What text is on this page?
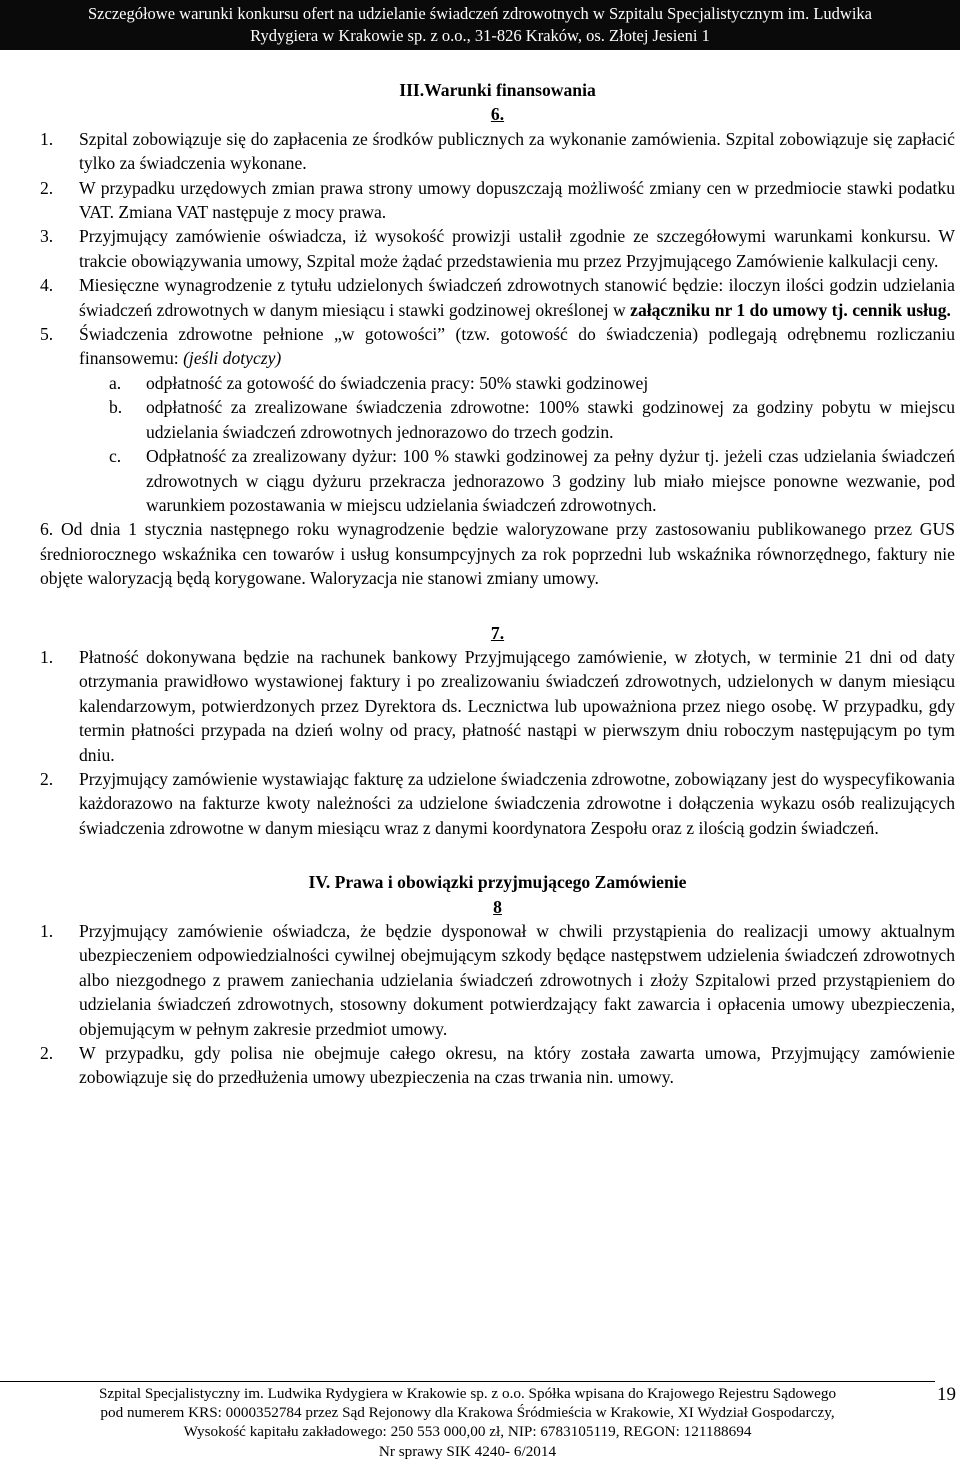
Szczegółowe warunki konkursu ofert na udzielanie świadczeń zdrowotnych w Szpitalu Specjalistycznym im. Ludwika
Rydygiera w Krakowie sp. z o.o., 31-826 Kraków, os. Złotej Jesieni 1
III.Warunki finansowania
6.
1. Szpital zobowiązuje się do zapłacenia ze środków publicznych za wykonanie zamówienia. Szpital zobowiązuje się zapłacić tylko za świadczenia wykonane.
2. W przypadku urzędowych zmian prawa strony umowy dopuszczają możliwość zmiany cen w przedmiocie stawki podatku VAT. Zmiana VAT następuje z mocy prawa.
3. Przyjmujący zamówienie oświadcza, iż wysokość prowizji ustalił zgodnie ze szczegółowymi warunkami konkursu. W trakcie obowiązywania umowy, Szpital może żądać przedstawienia mu przez Przyjmującego Zamówienie kalkulacji ceny.
4. Miesięczne wynagrodzenie z tytułu udzielonych świadczeń zdrowotnych stanowić będzie: iloczyn ilości godzin udzielania świadczeń zdrowotnych w danym miesiącu i stawki godzinowej określonej w załączniku nr 1 do umowy tj. cennik usług.
5. Świadczenia zdrowotne pełnione „w gotowości” (tzw. gotowość do świadczenia) podlegają odrębnemu rozliczaniu finansowemu: (jeśli dotyczy)
a. odpłatność za gotowość do świadczenia pracy: 50% stawki godzinowej
b. odpłatność za zrealizowane świadczenia zdrowotne: 100% stawki godzinowej za godziny pobytu w miejscu udzielania świadczeń zdrowotnych jednorazowo do trzech godzin.
c. Odpłatność za zrealizowany dyżur: 100 % stawki godzinowej za pełny dyżur tj. jeżeli czas udzielania świadczeń zdrowotnych w ciągu dyżuru przekracza jednorazowo 3 godziny lub miało miejsce ponowne wezwanie, pod warunkiem pozostawania w miejscu udzielania świadczeń zdrowotnych.

6. Od dnia 1 stycznia następnego roku wynagrodzenie będzie waloryzowane przy zastosowaniu publikowanego przez GUS średniorocznego wskaźnika cen towarów i usług konsumpcyjnych za rok poprzedni lub wskaźnika równorzędnego, faktury nie objęte waloryzacją będą korygowane. Waloryzacja nie stanowi zmiany umowy.

7.
1. Płatność dokonywana będzie na rachunek bankowy Przyjmującego zamówienie, w złotych, w terminie 21 dni od daty otrzymania prawidłowo wystawionej faktury i po zrealizowaniu świadczeń zdrowotnych, udzielonych w danym miesiącu kalendarzowym, potwierdzonych przez Dyrektora ds. Lecznictwa lub upoważniona przez niego osobę. W przypadku, gdy termin płatności przypada na dzień wolny od pracy, płatność nastąpi w pierwszym dniu roboczym następującym po tym dniu.
2. Przyjmujący zamówienie wystawiając fakturę za udzielone świadczenia zdrowotne, zobowiązany jest do wyspecyfikowania każdorazowo na fakturze kwoty należności za udzielone świadczenia zdrowotne i dołączenia wykazu osób realizujących świadczenia zdrowotne w danym miesiącu wraz z danymi koordynatora Zespołu oraz z ilością godzin świadczeń.
IV. Prawa i obowiązki przyjmującego Zamówienie
8
1. Przyjmujący zamówienie oświadcza, że będzie dysponował w chwili przystąpienia do realizacji umowy aktualnym ubezpieczeniem odpowiedzialności cywilnej obejmującym szkody będące następstwem udzielenia świadczeń zdrowotnych albo niezgodnego z prawem zaniechania udzielania świadczeń zdrowotnych i złoży Szpitalowi przed przystąpieniem do udzielania świadczeń zdrowotnych, stosowny dokument potwierdzający fakt zawarcia i opłacenia umowy ubezpieczenia, objemującym w pełnym zakresie przedmiot umowy.
2. W przypadku, gdy polisa nie obejmuje całego okresu, na który została zawarta umowa, Przyjmujący zamówienie zobowiązuje się do przedłużenia umowy ubezpieczenia na czas trwania nin. umowy.
Szpital Specjalistyczny im. Ludwika Rydygiera w Krakowie sp. z o.o. Spółka wpisana do Krajowego Rejestru Sądowego
pod numerem KRS: 0000352784 przez Sąd Rejonowy dla Krakowa Śródmieścia w Krakowie, XI Wydział Gospodarczy,
Wysokość kapitału zakładowego: 250 553 000,00 zł, NIP: 6783105119, REGON: 121188694
Nr sprawy SIK 4240- 6/2014
19
